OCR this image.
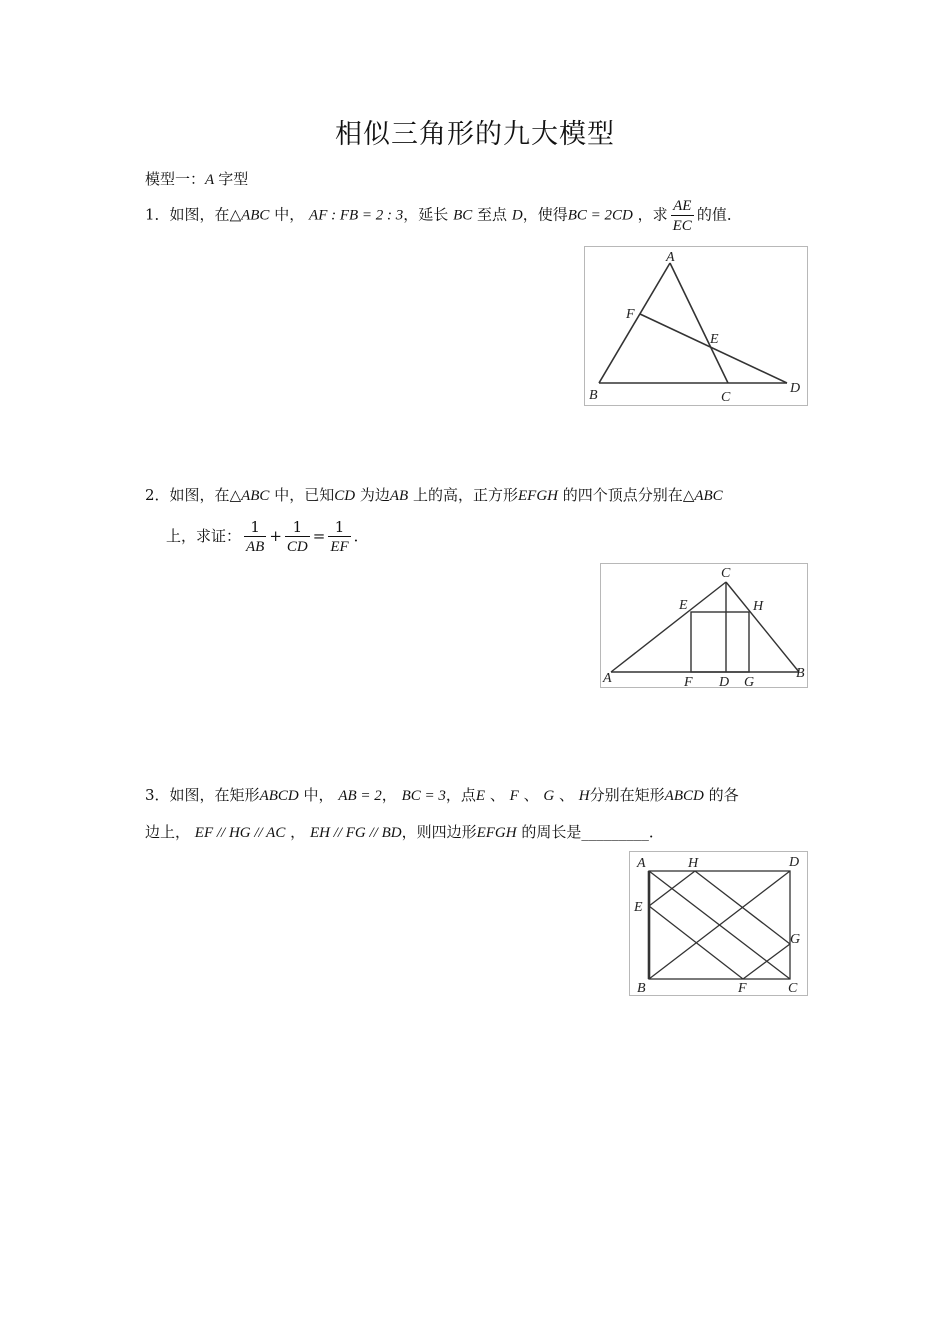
相似三角形的九大模型
模型一：A 字型
1．如图，在△ABC 中， AF : FB = 2 : 3，延长 BC 至点 D，使得BC = 2CD ，求 $\frac{AE}{EC}$ 的值．
A
F
E
B	C
D
2．如图，在△ABC 中，已知CD 为边AB 上的高，正方形EFGH 的四个顶点分别在△ABC
上，求证： $\frac{1}{AB} + \frac{1}{CD} = \frac{1}{EF}$ ．
C
E	H
A	F D G
B
3．如图，在矩形ABCD 中， AB = 2， BC = 3，点E 、 F 、 G 、 H分别在矩形ABCD 的各
边上， EF // HG // AC ， EH // FG // BD，则四边形EFGH 的周长是_________．
A	H	D
E
G
B	F	C
